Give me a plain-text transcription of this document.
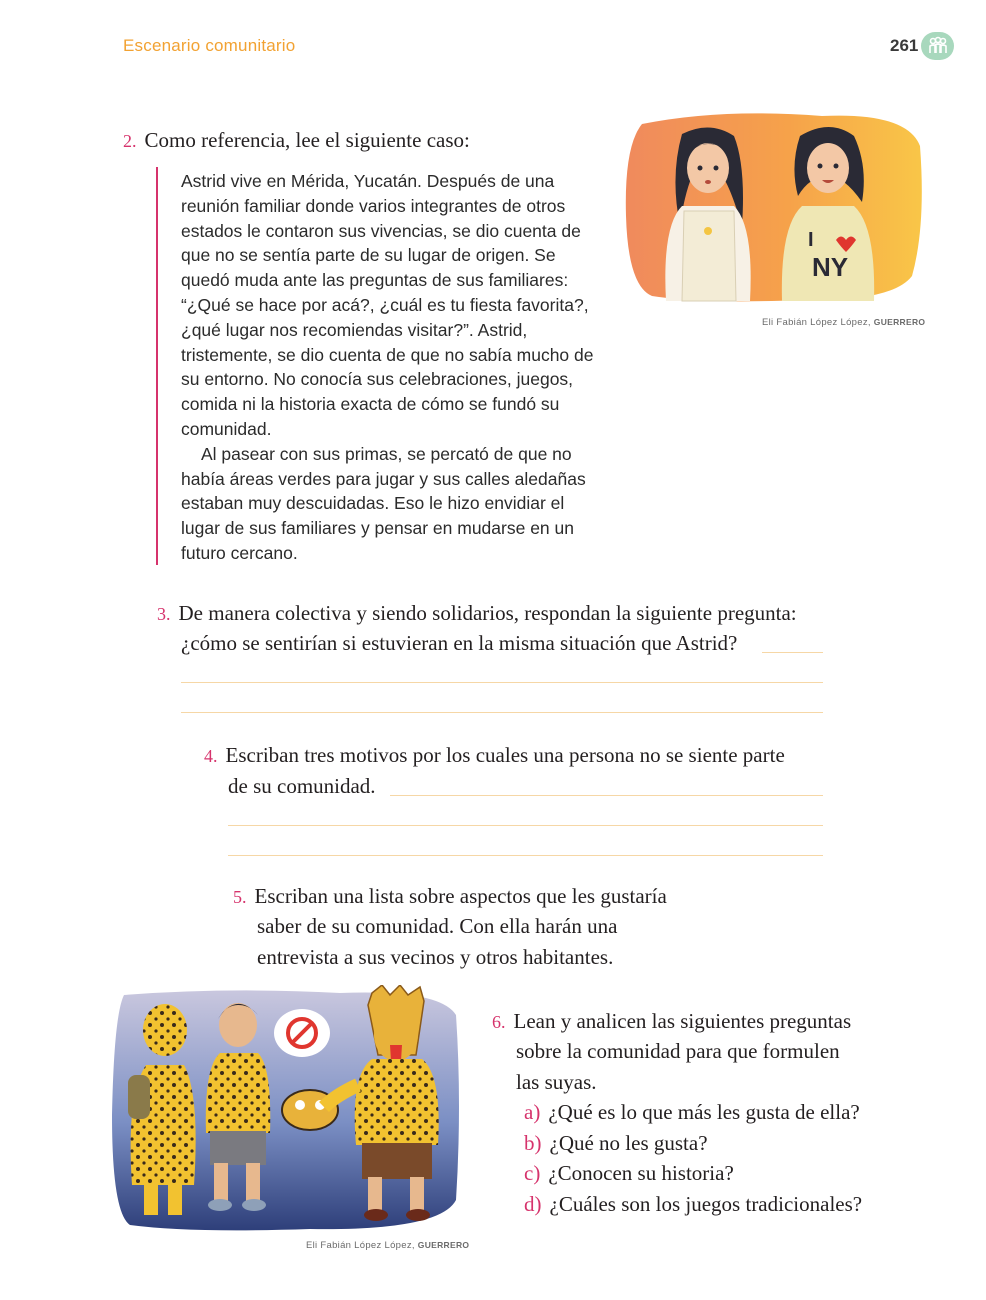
Escenario comunitario	261
2. Como referencia, lee el siguiente caso:

Astrid vive en Mérida, Yucatán. Después de una reunión familiar donde varios integrantes de otros estados le contaron sus vivencias, se dio cuenta de que no se sentía parte de su lugar de origen. Se quedó muda ante las preguntas de sus familiares: “¿Qué se hace por acá?, ¿cuál es tu fiesta favorita?, ¿qué lugar nos recomiendas visitar?”. Astrid, tristemente, se dio cuenta de que no sabía mucho de su entorno. No conocía sus celebraciones, juegos, comida ni la historia exacta de cómo se fundó su comunidad.

Al pasear con sus primas, se percató de que no había áreas verdes para jugar y sus calles aledañas estaban muy descuidadas. Eso le hizo envidiar el lugar de sus familiares y pensar en mudarse en un futuro cercano.

I
NY
Eli Fabián López López, GUERRERO
3. De manera colectiva y siendo solidarios, respondan la siguiente pregunta:
¿cómo se sentirían si estuvieran en la misma situación que Astrid?
4. Escriban tres motivos por los cuales una persona no se siente parte
de su comunidad.
5. Escriban una lista sobre aspectos que les gustaría
saber de su comunidad. Con ella harán una
entrevista a sus vecinos y otros habitantes.
Eli Fabián López López, GUERRERO
6. Lean y analicen las siguientes preguntas
sobre la comunidad para que formulen
las suyas.
a) ¿Qué es lo que más les gusta de ella?
b) ¿Qué no les gusta?
c) ¿Conocen su historia?
d) ¿Cuáles son los juegos tradicionales?
